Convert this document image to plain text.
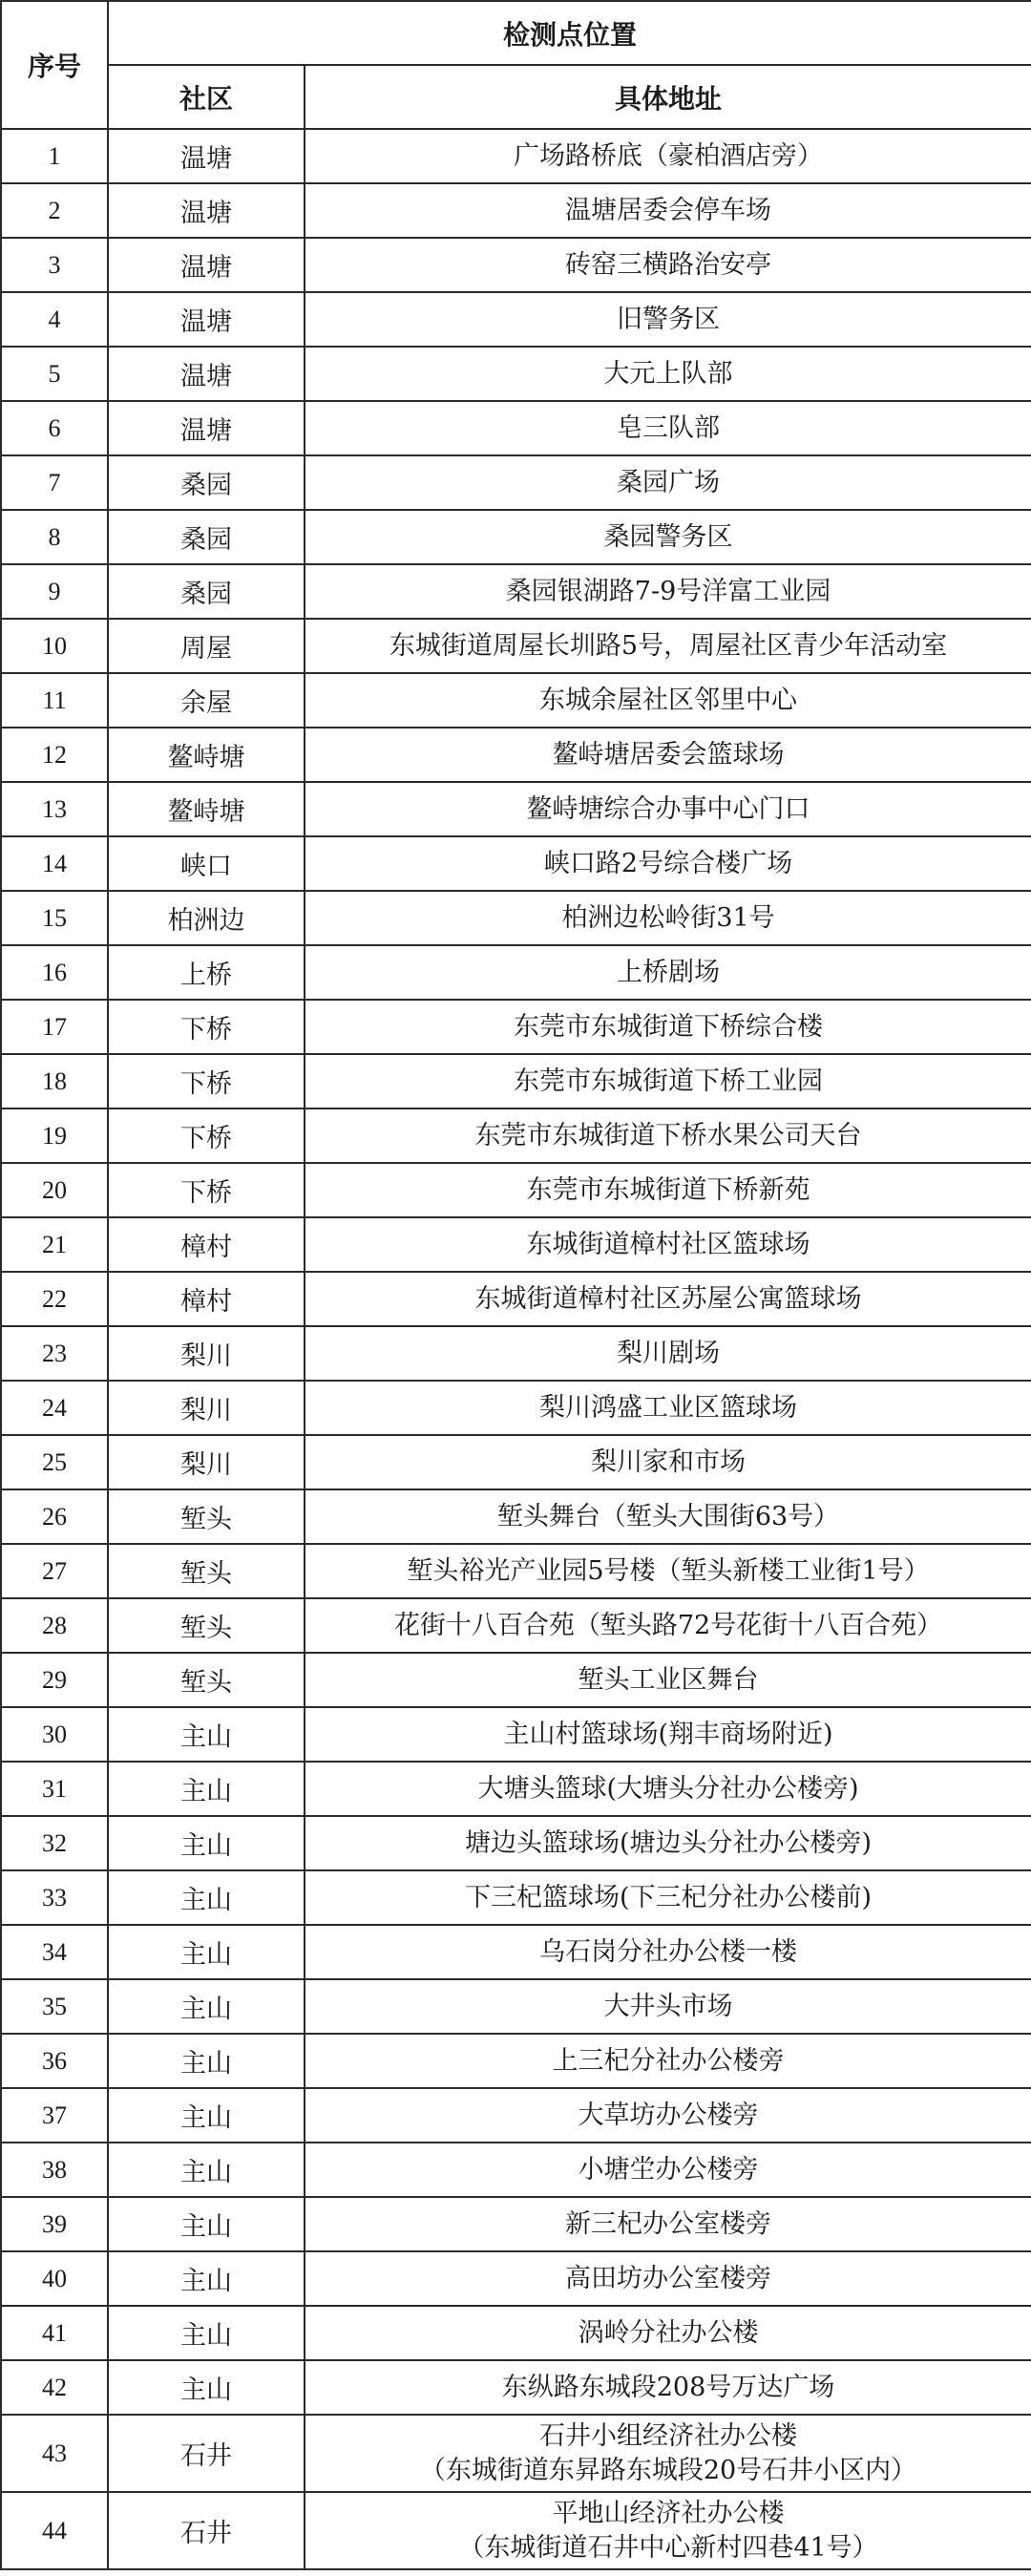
序号	检测点位置	
	社区	具体地址
1	温塘	广场路桥底（豪柏酒店旁）
2	温塘	温塘居委会停车场
3	温塘	砖窑三横路治安亭
4	温塘	旧警务区
5	温塘	大元上队部
6	温塘	皂三队部
7	桑园	桑园广场
8	桑园	桑园警务区
9	桑园	桑园银湖路7-9号洋富工业园
10	周屋	东城街道周屋长圳路5号，周屋社区青少年活动室
11	余屋	东城余屋社区邻里中心
12	鳌峙塘	鳌峙塘居委会篮球场
13	鳌峙塘	鳌峙塘综合办事中心门口
14	峡口	峡口路2号综合楼广场
15	柏洲边	柏洲边松岭街31号
16	上桥	上桥剧场
17	下桥	东莞市东城街道下桥综合楼
18	下桥	东莞市东城街道下桥工业园
19	下桥	东莞市东城街道下桥水果公司天台
20	下桥	东莞市东城街道下桥新苑
21	樟村	东城街道樟村社区篮球场
22	樟村	东城街道樟村社区苏屋公寓篮球场
23	梨川	梨川剧场
24	梨川	梨川鸿盛工业区篮球场
25	梨川	梨川家和市场
26	堑头	堑头舞台（堑头大围街63号）
27	堑头	堑头裕光产业园5号楼（堑头新楼工业街1号）
28	堑头	花街十八百合苑（堑头路72号花街十八百合苑）
29	堑头	堑头工业区舞台
30	主山	主山村篮球场(翔丰商场附近)
31	主山	大塘头篮球(大塘头分社办公楼旁)
32	主山	塘边头篮球场(塘边头分社办公楼旁)
33	主山	下三杞篮球场(下三杞分社办公楼前)
34	主山	乌石岗分社办公楼一楼
35	主山	大井头市场
36	主山	上三杞分社办公楼旁
37	主山	大草坊办公楼旁
38	主山	小塘坣办公楼旁
39	主山	新三杞办公室楼旁
40	主山	高田坊办公室楼旁
41	主山	涡岭分社办公楼
42	主山	东纵路东城段208号万达广场
43	石井	石井小组经济社办公楼
（东城街道东昇路东城段20号石井小区内）

44	石井	平地山经济社办公楼
（东城街道石井中心新村四巷41号）
